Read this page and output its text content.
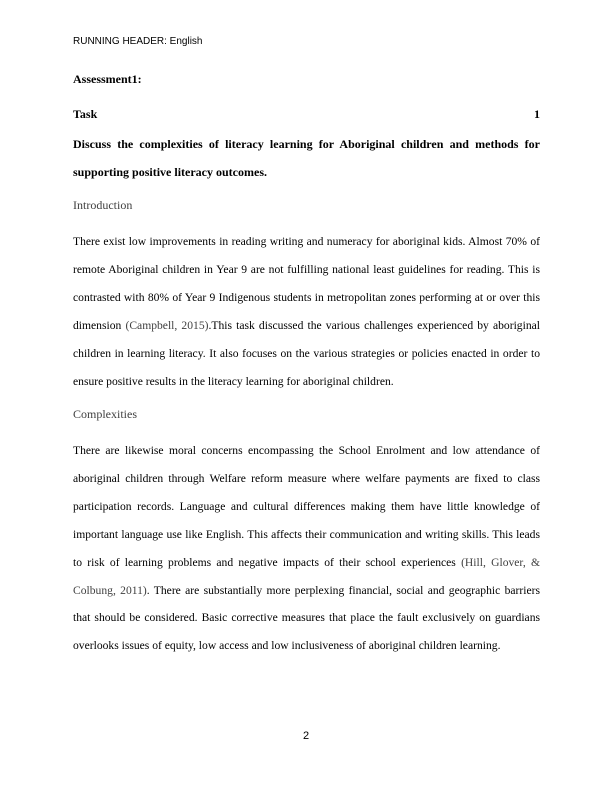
RUNNING HEADER: English
Assessment1:
Task	1
Discuss the complexities of literacy learning for Aboriginal children and methods for supporting positive literacy outcomes.
Introduction
There exist low improvements in reading writing and numeracy for aboriginal kids. Almost 70% of remote Aboriginal children in Year 9 are not fulfilling national least guidelines for reading. This is contrasted with 80% of Year 9 Indigenous students in metropolitan zones performing at or over this dimension (Campbell, 2015).This task discussed the various challenges experienced by aboriginal children in learning literacy. It also focuses on the various strategies or policies enacted in order to ensure positive results in the literacy learning for aboriginal children.
Complexities
There are likewise moral concerns encompassing the School Enrolment and low attendance of aboriginal children through Welfare reform measure where welfare payments are fixed to class participation records. Language and cultural differences making them have little knowledge of important language use like English. This affects their communication and writing skills. This leads to risk of learning problems and negative impacts of their school experiences (Hill, Glover, & Colbung, 2011). There are substantially more perplexing financial, social and geographic barriers that should be considered. Basic corrective measures that place the fault exclusively on guardians overlooks issues of equity, low access and low inclusiveness of aboriginal children learning.
2
